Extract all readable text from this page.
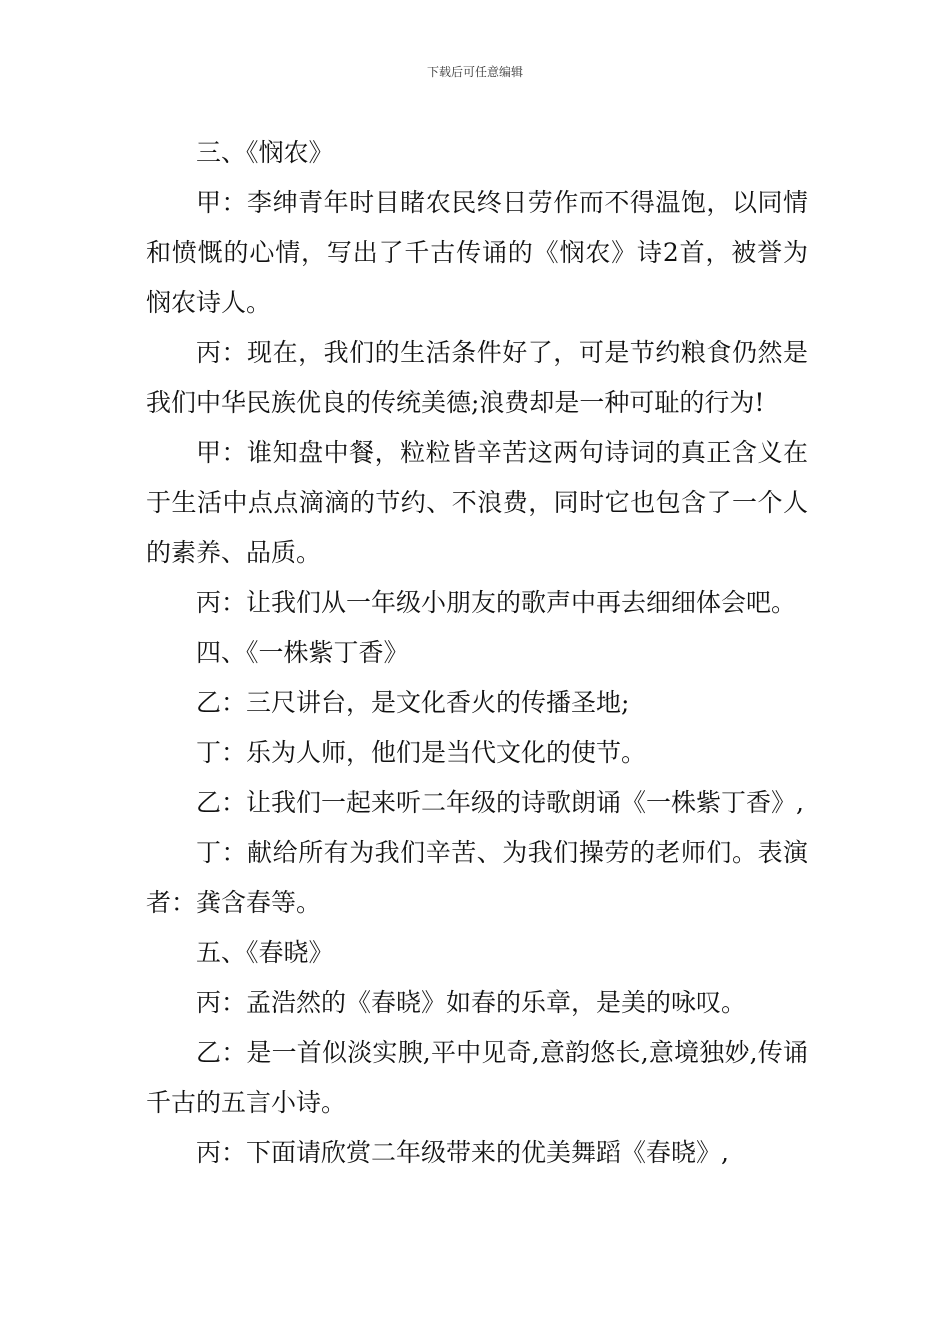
下载后可任意编辑

三、《悯农》

甲：李绅青年时目睹农民终日劳作而不得温饱，以同情和愤慨的心情，写出了千古传诵的《悯农》诗2首，被誉为悯农诗人。

丙：现在，我们的生活条件好了，可是节约粮食仍然是我们中华民族优良的传统美德;浪费却是一种可耻的行为!

甲：谁知盘中餐，粒粒皆辛苦这两句诗词的真正含义在于生活中点点滴滴的节约、不浪费，同时它也包含了一个人的素养、品质。

丙：让我们从一年级小朋友的歌声中再去细细体会吧。

四、《一株紫丁香》

乙：三尺讲台，是文化香火的传播圣地;

丁：乐为人师，他们是当代文化的使节。

乙：让我们一起来听二年级的诗歌朗诵《一株紫丁香》,

丁：献给所有为我们辛苦、为我们操劳的老师们。表演者：龚含春等。

五、《春晓》

丙：孟浩然的《春晓》如春的乐章，是美的咏叹。

乙：是一首似淡实腴,平中见奇,意韵悠长,意境独妙,传诵千古的五言小诗。

丙：下面请欣赏二年级带来的优美舞蹈《春晓》,
